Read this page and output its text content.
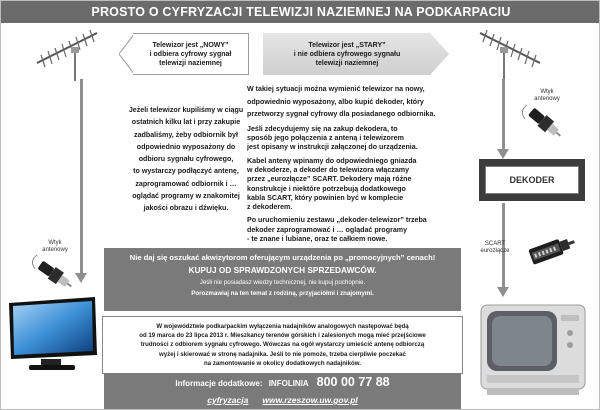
PROSTO O CYFRYZACJI TELEWIZJI NAZIEMNEJ NA PODKARPACIU
Telewizor jest „NOWY”
i odbiera cyfrowy sygnał
telewizji naziemnej
Telewizor jest „STARY”
i nie odbiera cyfrowego sygnału
telewizji naziemnej
Jeżeli telewizor kupiliśmy w ciągu
ostatnich kilku lat i przy zakupie
zadbaliśmy, żeby odbiornik był
odpowiednio wyposażony do
odbioru sygnału cyfrowego,
to wystarczy podłączyć antenę,
zaprogramować odbiornik i …
oglądać programy w znakomitej
jakości obrazu i dźwięku.

W takiej sytuacji można wymienić telewizor na nowy,
odpowiednio wyposażony, albo kupić dekoder, który
przetworzy sygnał cyfrowy dla posiadanego odbiornika.

Jeśli zdecydujemy się na zakup dekodera, to
sposób jego połączenia z anteną i telewizorem
jest opisany w instrukcji załączonej do urządzenia.

Kabel anteny wpinamy do odpowiedniego gniazda
w dekoderze, a dekoder do telewizora włączamy
przez „eurozłącze” SCART. Dekodery mają różne
konstrukcje i niektóre potrzebują dodatkowego
kabla SCART, który powinien być w komplecie
z dekoderem.

Po uruchomieniu zestawu „dekoder-telewizor” trzeba
dekoder zaprogramować i … oglądać programy
- te znane i lubiane, oraz te całkiem nowe.

Wtyk
antenowy
DEKODER
Wtyk
antenowy
SCART
eurozłącze
Nie daj się oszukać akwizytorom oferującym urządzenia po „promocyjnych” cenach!
KUPUJ OD SPRAWDZONYCH SPRZEDAWCÓW.
Jeśli nie posiadasz wiedzy technicznej, nie kupuj pochopnie.
Porozmawiaj na ten temat z rodziną, przyjaciółmi i znajomymi.
W województwie podkarpackim wyłączenia nadajników analogowych następować będą
od 19 marca do 23 lipca 2013 r. Mieszkańcy terenów górskich i zalesionych mogą mieć przejściowe
trudności z odbiorem sygnału cyfrowego. Wówczas na ogół wystarczy umieścić antenę odbiorczą
wyżej i skierować w stronę nadajnika. Jeśli to nie pomoże, trzeba cierpliwie poczekać
na zamontowanie w okolicy dodatkowych nadajników.
Informacje dodatkowe: INFOLINIA 800 00 77 88
cyfryzacja www.rzeszow.uw.gov.pl
